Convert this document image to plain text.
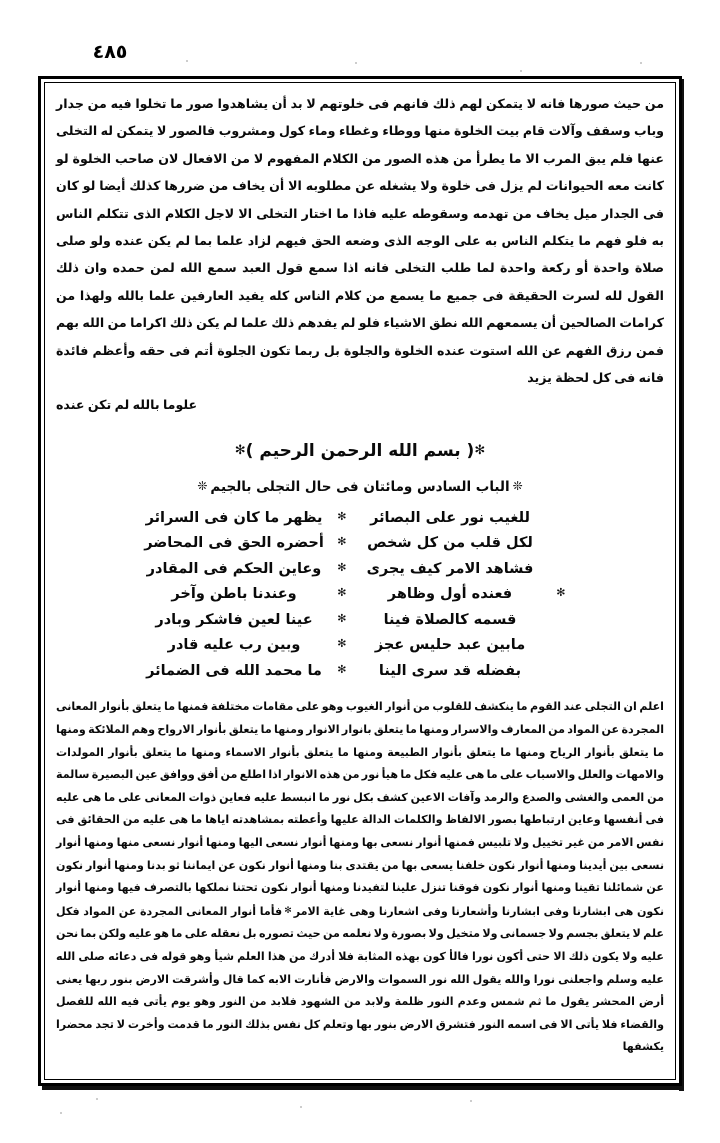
٤٨٥

من حيث صورها فانه لا يتمكن لهم ذلك فانهم فى خلوتهم لا بد أن يشاهدوا صور ما تخلوا فيه من جدار وباب وسقف وآلات قام بيت الخلوة منها ووطاء وغطاء وماء كول ومشروب فالصور لا يتمكن له التخلى عنها فلم يبق المرب الا ما يطرأ من هذه الصور من الكلام المفهوم لا من الافعال لان صاحب الخلوة لو كانت معه الحيوانات لم يزل فى خلوة ولا يشغله عن مطلوبه الا أن يخاف من ضررها كذلك أيضا لو كان فى الجدار ميل يخاف من تهدمه وسقوطه عليه فاذا ما اختار التخلى الا لاجل الكلام الذى تتكلم الناس به فلو فهم ما يتكلم الناس به على الوجه الذى وضعه الحق فيهم لزاد علما بما لم يكن عنده ولو صلى صلاة واحدة أو ركعة واحدة لما طلب التخلى فانه اذا سمع قول العبد سمع الله لمن حمده وان ذلك القول لله لسرت الحقيقة فى جميع ما يسمع من كلام الناس كله يفيد العارفين علما بالله ولهذا من كرامات الصالحين أن يسمعهم الله نطق الاشياء فلو لم يفدهم ذلك علما لم يكن ذلك اكراما من الله بهم فمن رزق الفهم عن الله استوت عنده الخلوة والجلوة بل ربما تكون الجلوة أتم فى حقه وأعظم فائدة فانه فى كل لحظة يزيد

علوما بالله لم تكن عنده

✻( بسم الله الرحمن الرحيم )✻
❊الباب السادس ومائتان فى حال التجلى بالجيم❊
للغيب نور على البصائر
✻
يظهر ما كان فى السرائر
لكل قلب من كل شخص
✻
أحضره الحق فى المحاضر
فشاهد الامر كيف يجرى
✻
وعاين الحكم فى المقادر
✻
فعنده أول وظاهر
✻
وعندنا باطن وآخر
قسمه كالصلاة فينا
✻
عينا لعين فاشكر وبادر
مابين عبد حليس عجز
✻
وبين رب عليه قادر
بفضله قد سرى الينا
✻
ما محمد الله فى الضمائر

اعلم ان التجلى عند القوم ما ينكشف للقلوب من أنوار الغيوب وهو على مقامات مختلفة فمنها ما يتعلق بأنوار المعانى المجردة عن المواد من المعارف والاسرار ومنها ما يتعلق بانوار الانوار ومنها ما يتعلق بأنوار الارواح وهم الملائكة ومنها ما يتعلق بأنوار الرياح ومنها ما يتعلق بأنوار الطبيعة ومنها ما يتعلق بأنوار الاسماء ومنها ما يتعلق بأنوار المولدات والامهات والعلل والاسباب على ما هى عليه فكل ما هيأ نور من هذه الانوار اذا اطلع من أفق ووافق عين البصيرة سالمة من العمى والغشى والصدع والرمد وآفات الاعين كشف بكل نور ما انبسط عليه فعاين ذوات المعانى على ما هى عليه فى أنفسها وعاين ارتباطها بصور الالفاظ والكلمات الدالة عليها وأعطته بمشاهدته اياها ما هى عليه من الحقائق فى نفس الامر من غير تخييل ولا تلبيس فمنها أنوار نسعى بها ومنها أنوار نسعى اليها ومنها أنوار نسعى منها ومنها أنوار نسعى بين أيدينا ومنها أنوار نكون خلفنا يسعى بها من يقتدى بنا ومنها أنوار نكون عن ايماننا ثو بدنا ومنها أنوار نكون عن شمائلنا تقينا ومنها أنوار نكون فوقنا تنزل علينا لتفيدنا ومنها أنوار نكون تحتنا نملكها بالتصرف فيها ومنها أنوار نكون هى ابشارنا وفى ابشارنا وأشعارنا وفى اشعارنا وهى غاية الامر✻فأما أنوار المعانى المجردة عن المواد فكل علم لا يتعلق بجسم ولا جسمانى ولا متخيل ولا بصورة ولا نعلمه من حيث تصوره بل نعقله على ما هو عليه ولكن بما نحن عليه ولا يكون ذلك الا حتى أكون نورا فالأ كون بهذه المثابة فلا أدرك من هذا العلم شيأ وهو قوله فى دعائه صلى الله عليه وسلم واجعلنى نورا والله يقول الله نور السموات والارض فأنارت الابه كما قال وأشرقت الارض بنور ربها يعنى أرض المحشر يقول ما ثم شمس وعدم النور ظلمة ولابد من الشهود فلابد من النور وهو يوم يأتى فيه الله للفصل والقضاء فلا يأتى الا فى اسمه النور فتشرق الارض بنور بها وتعلم كل نفس بذلك النور ما قدمت وأخرت لا تجد محضرا يكشفها
